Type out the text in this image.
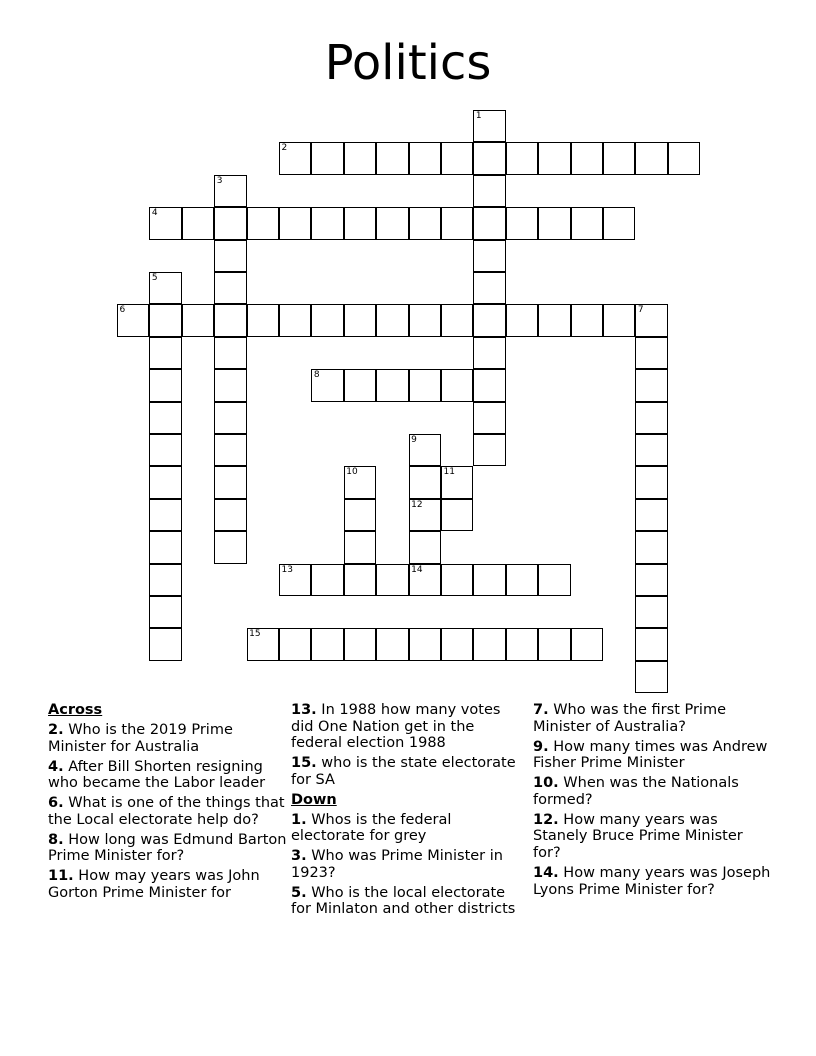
Politics
1
2
3
4
5
6	7
8
9
10	11
12
14
13
15
Across
2. Who is the 2019 Prime Minister for Australia
4. After Bill Shorten resigning who became the Labor leader
6. What is one of the things that the Local electorate help do?
8. How long was Edmund Barton Prime Minister for?
11. How may years was John Gorton Prime Minister for
13. In 1988 how many votes did One Nation get in the federal election 1988
15. who is the state electorate for SA
Down
1. Whos is the federal electorate for grey
3. Who was Prime Minister in 1923?
5. Who is the local electorate for Minlaton and other districts
7. Who was the first Prime Minister of Australia?
9. How many times was Andrew Fisher Prime Minister
10. When was the Nationals formed?
12. How many years was Stanely Bruce Prime Minister for?
14. How many years was Joseph Lyons Prime Minister for?
